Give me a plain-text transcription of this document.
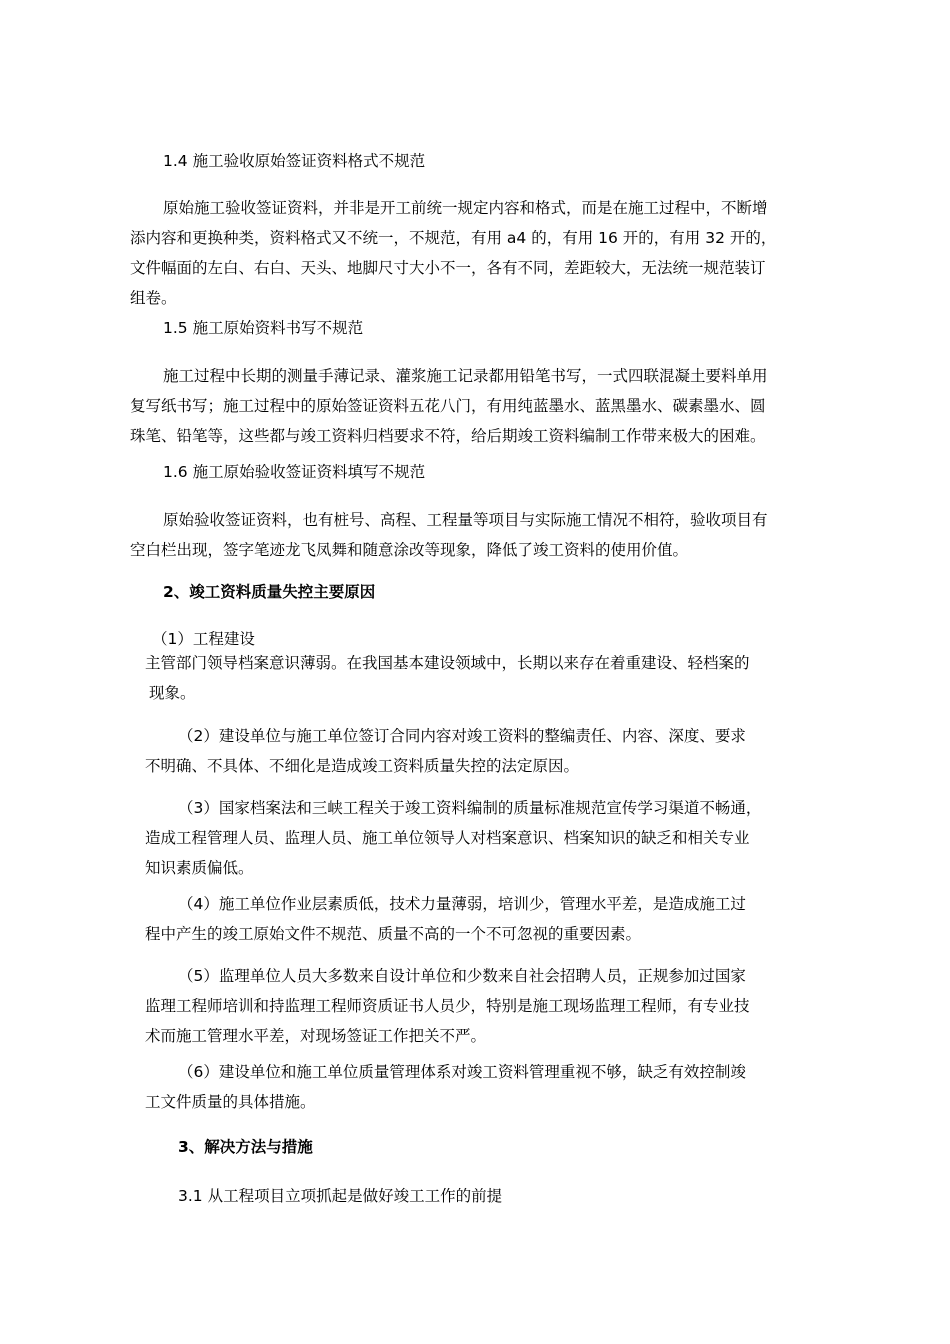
1.4 施工验收原始签证资料格式不规范
原始施工验收签证资料，并非是开工前统一规定内容和格式，而是在施工过程中，不断增
添内容和更换种类，资料格式又不统一，不规范，有用 a4 的，有用 16 开的，有用 32 开的，
文件幅面的左白、右白、天头、地脚尺寸大小不一，各有不同，差距较大，无法统一规范装订
组卷。
1.5 施工原始资料书写不规范
施工过程中长期的测量手薄记录、灌浆施工记录都用铅笔书写，一式四联混凝土要料单用
复写纸书写；施工过程中的原始签证资料五花八门，有用纯蓝墨水、蓝黑墨水、碳素墨水、圆
珠笔、铅笔等，这些都与竣工资料归档要求不符，给后期竣工资料编制工作带来极大的困难。
1.6 施工原始验收签证资料填写不规范
原始验收签证资料，也有桩号、高程、工程量等项目与实际施工情况不相符，验收项目有
空白栏出现，签字笔迹龙飞凤舞和随意涂改等现象，降低了竣工资料的使用价值。
2、竣工资料质量失控主要原因
（1）工程建设
主管部门领导档案意识薄弱。在我国基本建设领域中，长期以来存在着重建设、轻档案的
现象。
（2）建设单位与施工单位签订合同内容对竣工资料的整编责任、内容、深度、要求
不明确、不具体、不细化是造成竣工资料质量失控的法定原因。
（3）国家档案法和三峡工程关于竣工资料编制的质量标准规范宣传学习渠道不畅通，
造成工程管理人员、监理人员、施工单位领导人对档案意识、档案知识的缺乏和相关专业
知识素质偏低。
（4）施工单位作业层素质低，技术力量薄弱，培训少，管理水平差，是造成施工过
程中产生的竣工原始文件不规范、质量不高的一个不可忽视的重要因素。
（5）监理单位人员大多数来自设计单位和少数来自社会招聘人员，正规参加过国家
监理工程师培训和持监理工程师资质证书人员少，特别是施工现场监理工程师，有专业技
术而施工管理水平差，对现场签证工作把关不严。
（6）建设单位和施工单位质量管理体系对竣工资料管理重视不够，缺乏有效控制竣
工文件质量的具体措施。
3、解决方法与措施
3.1 从工程项目立项抓起是做好竣工工作的前提
